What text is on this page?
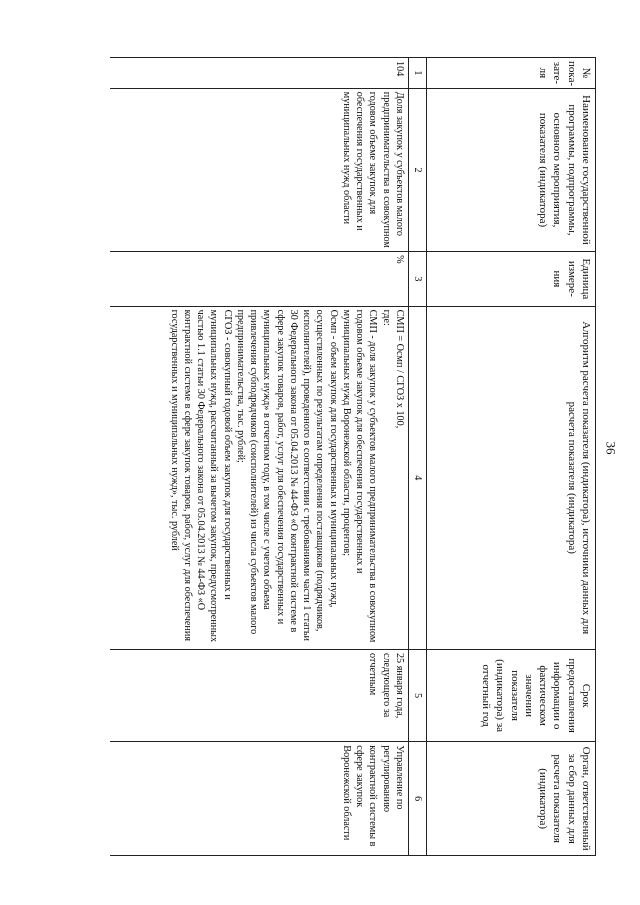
36
№ пока-зате-ля	Наименование государственной программы, подпрограммы, основного мероприятия, показателя (индикатора)	Единица измере-ния	Алгоритм расчета показателя (индикатора), источники данных для расчета показателя (индикатора)	Срок предоставления информации о фактическом значении показателя (индикатора) за отчетный год	Орган, ответственный за сбор данных для расчета показателя (индикатора)
1	2	3	4	5	6
104	Доля закупок у субъектов малого предпринимательства в совокупном годовом объеме закупок для обеспечения государственных и муниципальных нужд области	%	СМП = Осмп / СГОЗ x 100,
где:
СМП - доля закупок у субъектов малого предпринимательства в совокупном годовом объеме закупок для обеспечения государственных и муниципальных нужд Воронежской области, процентов;
Осмп - объем закупок для государственных и муниципальных нужд, осуществленных по результатам определения поставщиков (подрядчиков, исполнителей), проведенного в соответствии с требованиями части 1 статьи 30 Федерального закона от 05.04.2013 № 44-ФЗ «О контрактной системе в сфере закупок товаров, работ, услуг для обеспечения государственных и муниципальных нужд» в отчетном году, в том числе с учетом объема привлечения субподрядчиков (соисполнителей) из числа субъектов малого предпринимательства, тыс. рублей;
СГОЗ - совокупный годовой объем закупок для государственных и муниципальных нужд, рассчитанный за вычетом закупок, предусмотренных частью 1.1 статьи 30 Федерального закона от 05.04.2013 № 44-ФЗ «О контрактной системе в сфере закупок товаров, работ, услуг для обеспечения государственных и муниципальных нужд», тыс. рублей	25 января года, следующего за отчетным	Управление по регулированию контрактной системы в сфере закупок Воронежской области
